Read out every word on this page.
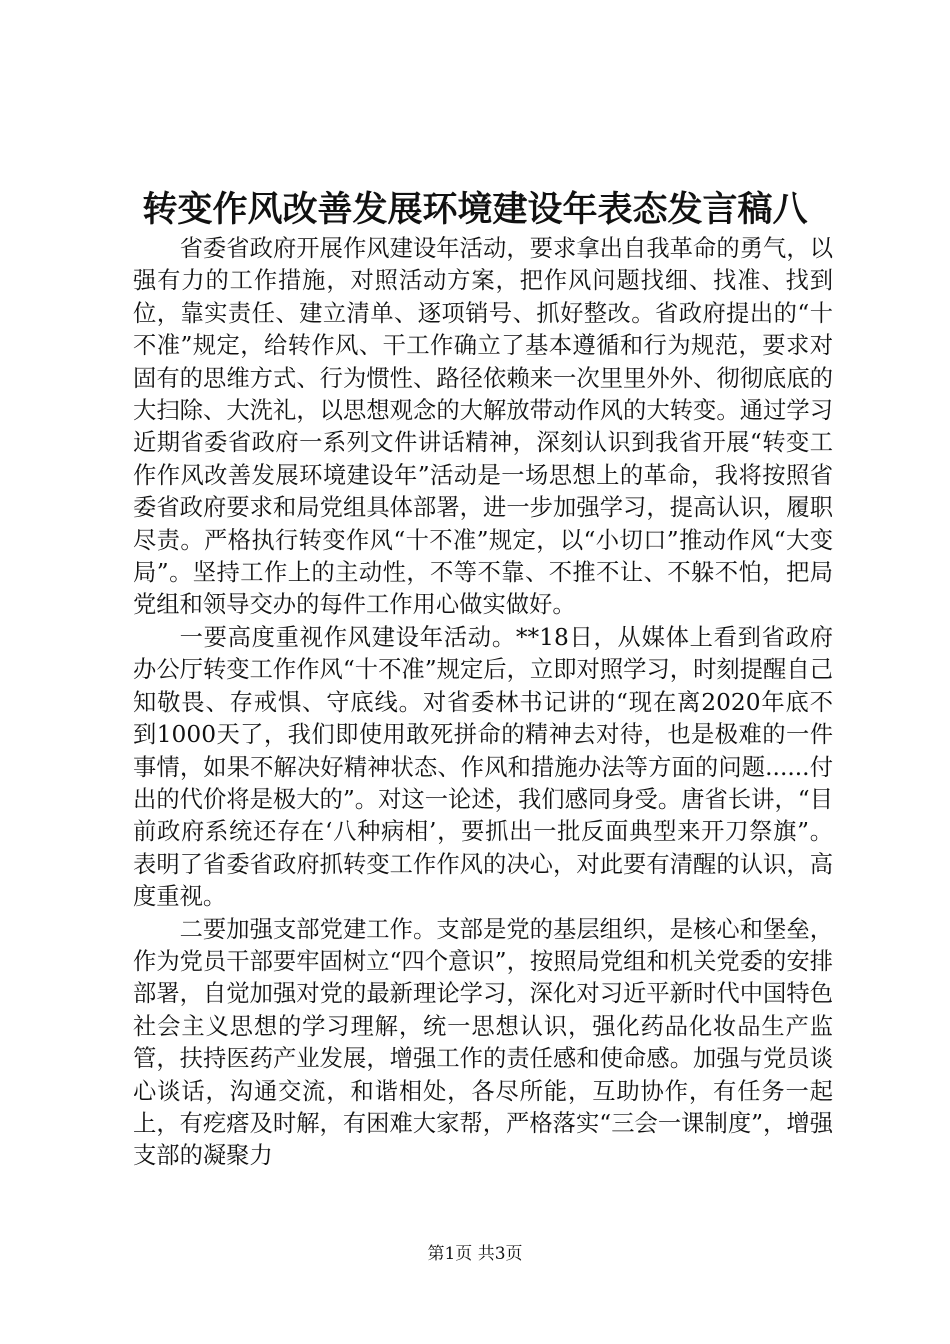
转变作风改善发展环境建设年表态发言稿八

省委省政府开展作风建设年活动，要求拿出自我革命的勇气，以强有力的工作措施，对照活动方案，把作风问题找细、找准、找到位，靠实责任、建立清单、逐项销号、抓好整改。省政府提出的“十不准”规定，给转作风、干工作确立了基本遵循和行为规范，要求对固有的思维方式、行为惯性、路径依赖来一次里里外外、彻彻底底的大扫除、大洗礼，以思想观念的大解放带动作风的大转变。通过学习近期省委省政府一系列文件讲话精神，深刻认识到我省开展“转变工作作风改善发展环境建设年”活动是一场思想上的革命，我将按照省委省政府要求和局党组具体部署，进一步加强学习，提高认识，履职尽责。严格执行转变作风“十不准”规定，以“小切口”推动作风“大变局”。坚持工作上的主动性，不等不靠、不推不让、不躲不怕，把局党组和领导交办的每件工作用心做实做好。

一要高度重视作风建设年活动。**18日，从媒体上看到省政府办公厅转变工作作风“十不准”规定后，立即对照学习，时刻提醒自己知敬畏、存戒惧、守底线。对省委林书记讲的“现在离2020年底不到1000天了，我们即使用敢死拼命的精神去对待，也是极难的一件事情，如果不解决好精神状态、作风和措施办法等方面的问题......付出的代价将是极大的”。对这一论述，我们感同身受。唐省长讲，“目前政府系统还存在‘八种病相’，要抓出一批反面典型来开刀祭旗”。表明了省委省政府抓转变工作作风的决心，对此要有清醒的认识，高度重视。

二要加强支部党建工作。支部是党的基层组织，是核心和堡垒，作为党员干部要牢固树立“四个意识”，按照局党组和机关党委的安排部署，自觉加强对党的最新理论学习，深化对习近平新时代中国特色社会主义思想的学习理解，统一思想认识，强化药品化妆品生产监管，扶持医药产业发展，增强工作的责任感和使命感。加强与党员谈心谈话，沟通交流，和谐相处，各尽所能，互助协作，有任务一起上，有疙瘩及时解，有困难大家帮，严格落实“三会一课制度”，增强支部的凝聚力

第1页 共3页
